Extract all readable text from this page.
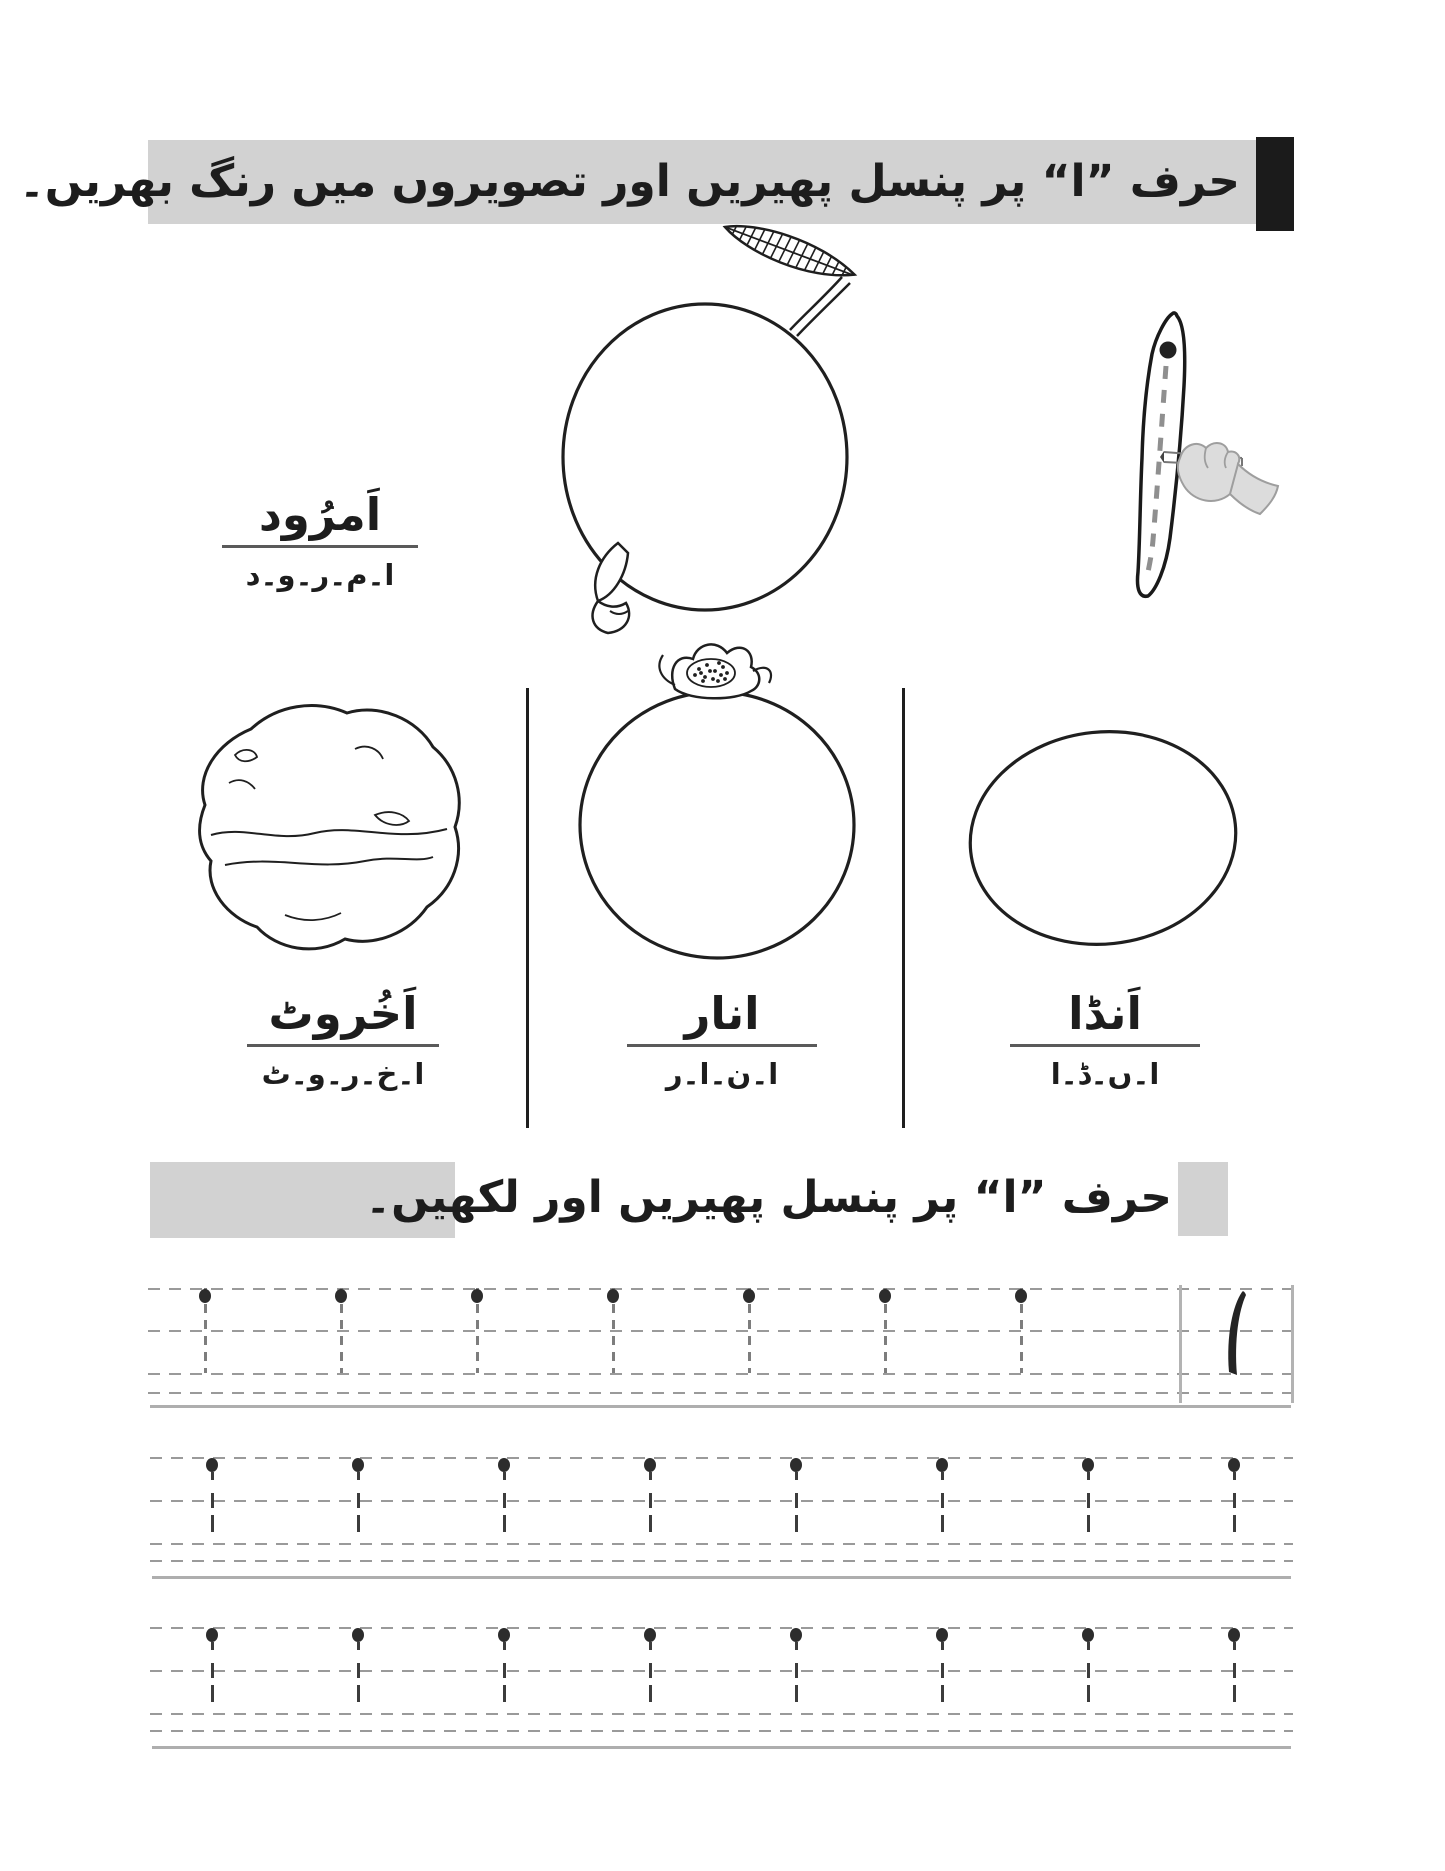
حرف ”ا“ پر پنسل پھیریں اور تصویروں میں رنگ بھریں۔
اَمرُود
ا۔م۔ر۔و۔د
اَخُروٹ
ا۔خ۔ر۔و۔ٹ
انار
ا۔ن۔ا۔ر
اَنڈا
ا۔ں۔ڈ۔ا
حرف ”ا“ پر پنسل پھیریں اور لکھیں۔
